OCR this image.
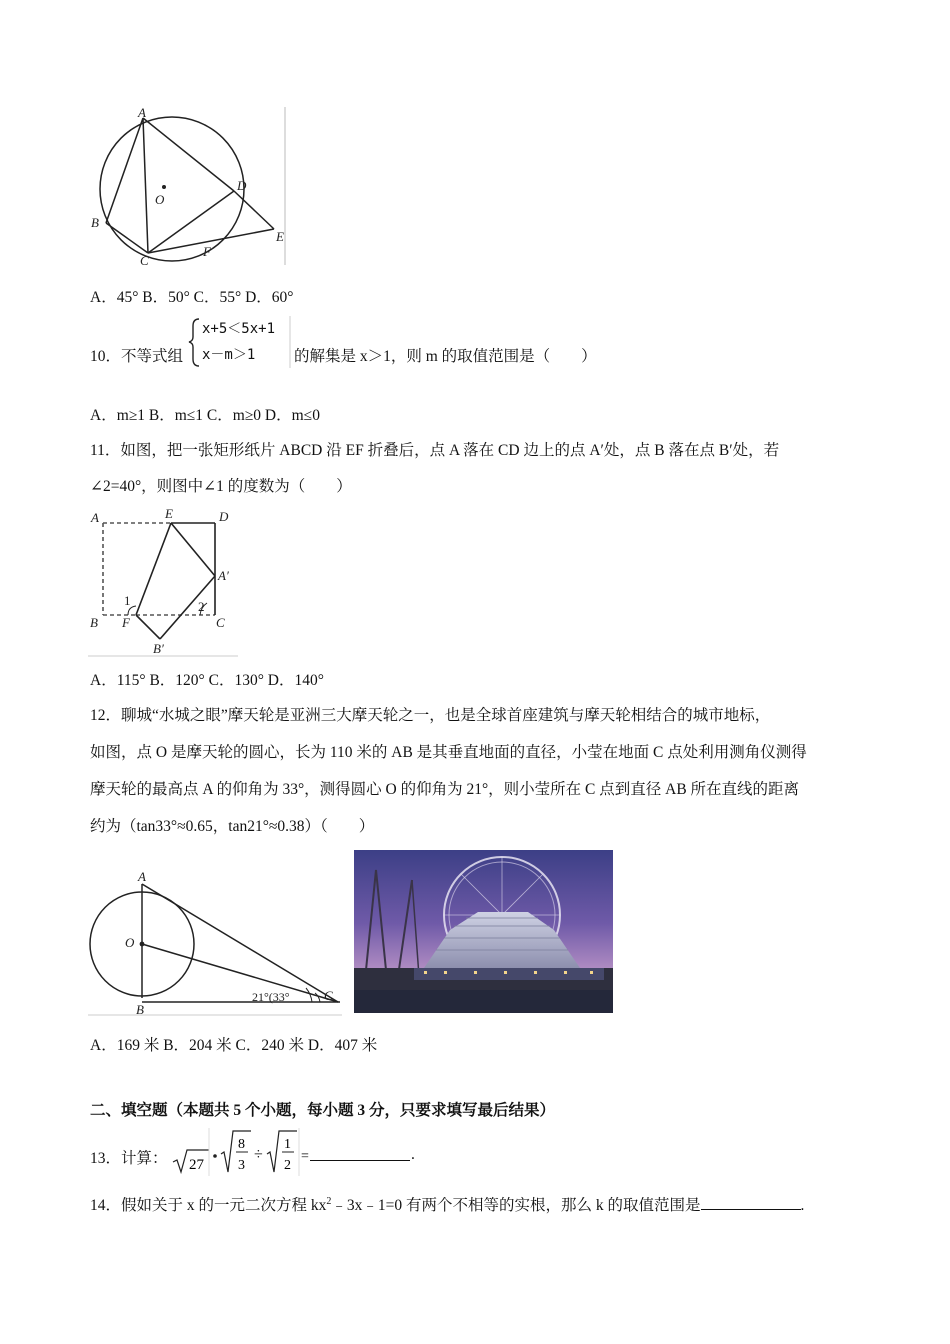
A
O
D
B
E
F
C
A．45° B．50° C．55° D．60°
10． 不等式组
x+5＜5x+1
x－m＞1 的解集是 x＞1，则 m 的取值范围是（　　）
A．m≥1 B．m≤1 C．m≥0 D．m≤0
11．如图，把一张矩形纸片 ABCD 沿 EF 折叠后，点 A 落在 CD 边上的点 A′处，点 B 落在点 B′处，若
∠2=40°，则图中∠1 的度数为（　　）
A	E	D
A′
1	2
B F	C
B′
A．115° B．120° C．130° D．140°
12．聊城“水城之眼”摩天轮是亚洲三大摩天轮之一，也是全球首座建筑与摩天轮相结合的城市地标，
如图，点 O 是摩天轮的圆心，长为 110 米的 AB 是其垂直地面的直径，小莹在地面 C 点处利用测角仪测得
摩天轮的最高点 A 的仰角为 33°，测得圆心 O 的仰角为 21°，则小莹所在 C 点到直径 AB 所在直线的距离
约为（tan33°≈0.65，tan21°≈0.38）（　　）
A
O
B
C
21°(33°
A．169 米 B．204 米 C．240 米 D．407 米
二、填空题（本题共 5 个小题，每小题 3 分，只要求填写最后结果）
13．计算： 27
8
3
÷
1
2
=	.
14．假如关于 x 的一元二次方程 $kx^2﹣3x﹣1=0$ 有两个不相等的实根，那么 k 的取值范围是	.
